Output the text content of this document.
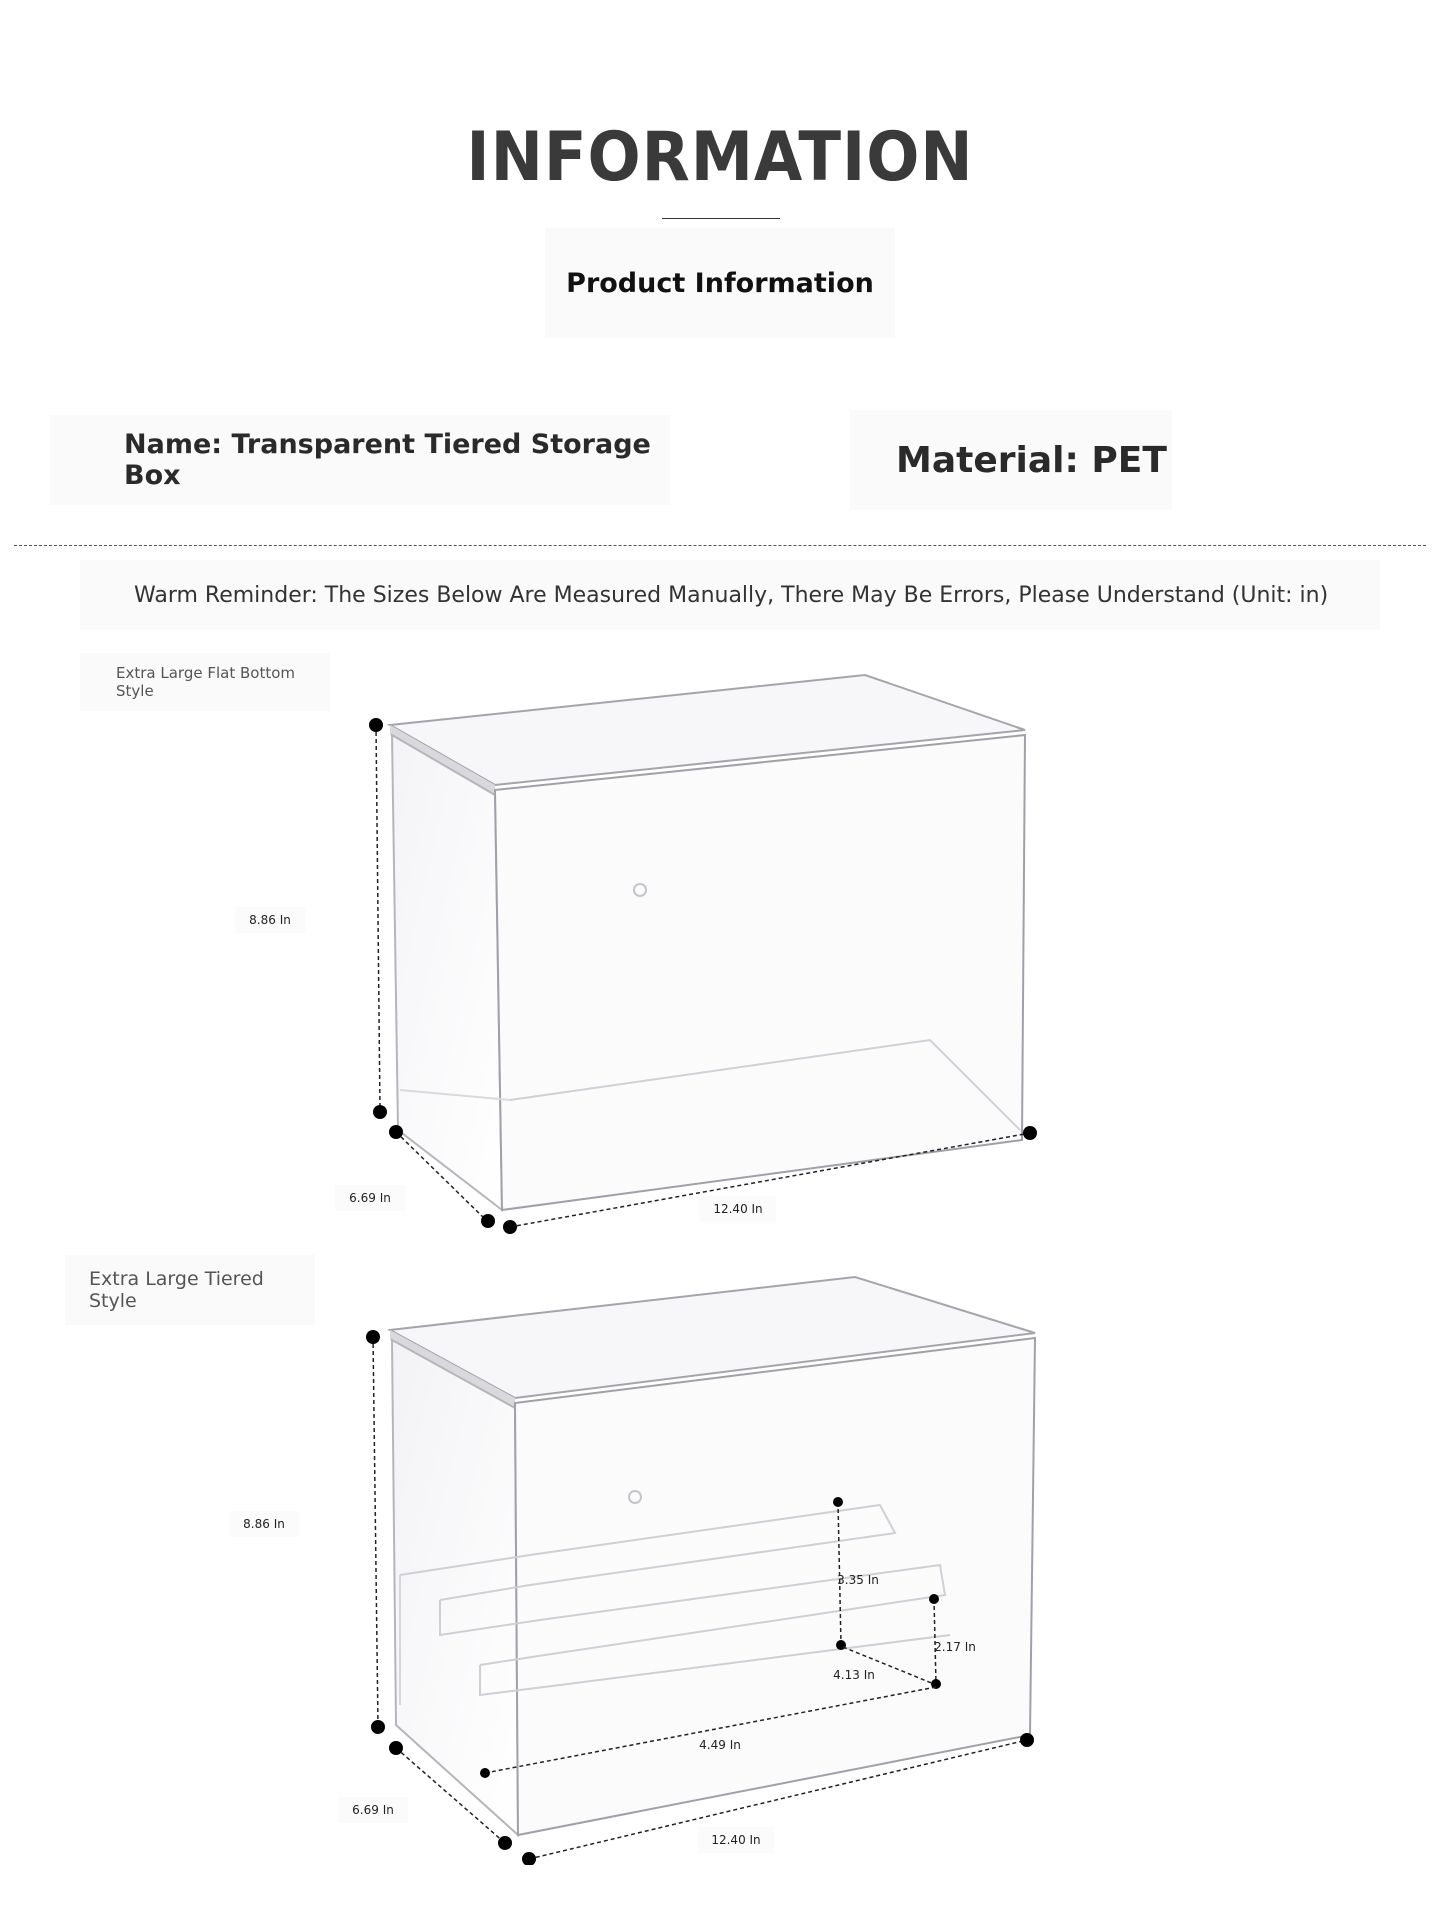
INFORMATION
Product Information
Name: Transparent Tiered Storage Box	Material: PET
Warm Reminder: The Sizes Below Are Measured Manually, There May Be Errors, Please Understand (Unit: in)
Extra Large Flat Bottom Style
8.86 In
6.69 In
12.40 In
Extra Large Tiered Style
8.86 In
6.69 In
12.40 In
3.35 In
2.17 In
4.13 In
4.49 In
